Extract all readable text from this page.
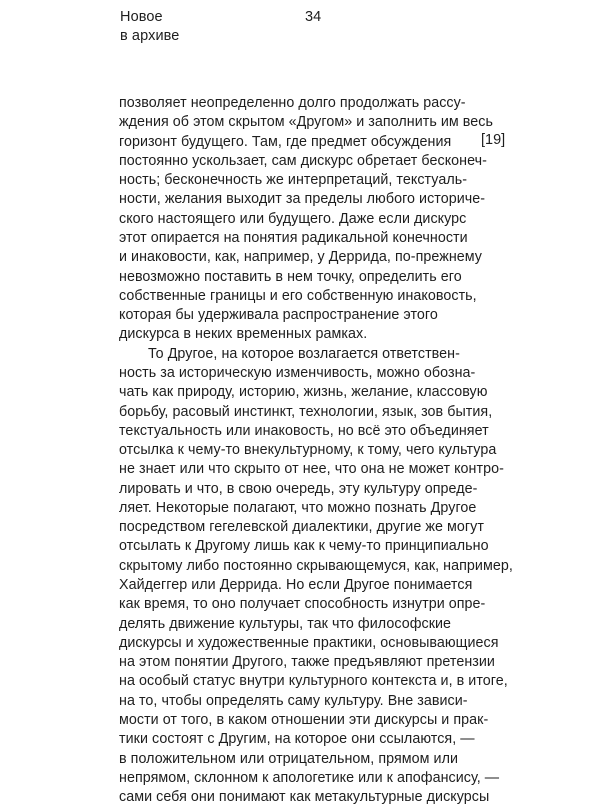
Новое
в архиве
34
[19]
позволяет неопределенно долго продолжать рассу-
ждения об этом скрытом «Другом» и заполнить им весь
горизонт будущего. Там, где предмет обсуждения
постоянно ускользает, сам дискурс обретает бесконеч-
ность; бесконечность же интерпретаций, текстуаль-
ности, желания выходит за пределы любого историче-
ского настоящего или будущего. Даже если дискурс
этот опирается на понятия радикальной конечности
и инаковости, как, например, у Деррида, по-прежнему
невозможно поставить в нем точку, определить его
собственные границы и его собственную инаковость,
которая бы удерживала распространение этого
дискурса в неких временных рамках.
То Другое, на которое возлагается ответствен-
ность за историческую изменчивость, можно обозна-
чать как природу, историю, жизнь, желание, классовую
борьбу, расовый инстинкт, технологии, язык, зов бытия,
текстуальность или инаковость, но всё это объединяет
отсылка к чему-то внекультурному, к тому, чего культура
не знает или что скрыто от нее, что она не может контро-
лировать и что, в свою очередь, эту культуру опреде-
ляет. Некоторые полагают, что можно познать Другое
посредством гегелевской диалектики, другие же могут
отсылать к Другому лишь как к чему-то принципиально
скрытому либо постоянно скрывающемуся, как, например,
Хайдеггер или Деррида. Но если Другое понимается
как время, то оно получает способность изнутри опре-
делять движение культуры, так что философские
дискурсы и художественные практики, основывающиеся
на этом понятии Другого, также предъявляют претензии
на особый статус внутри культурного контекста и, в итоге,
на то, чтобы определять саму культуру. Вне зависи-
мости от того, в каком отношении эти дискурсы и прак-
тики состоят с Другим, на которое они ссылаются, —
в положительном или отрицательном, прямом или
непрямом, склонном к апологетике или к апофансису, —
сами себя они понимают как метакультурные дискурсы
